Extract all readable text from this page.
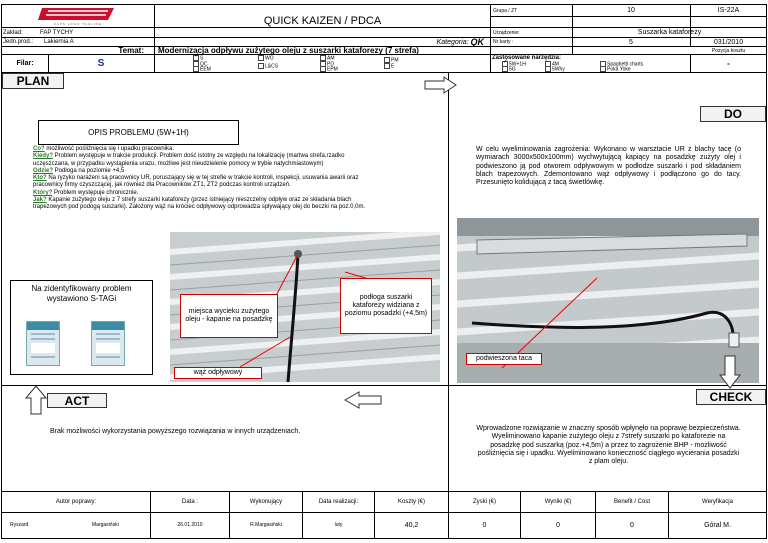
FAPS LOGO TAGLINE	QUICK KAIZEN / PDCA
Zakład:	FAP TYCHY
Jedn.prod.: Lakiernia A	Kategoria:
QK
Temat: Modernizacja odpływu zużytego oleju z suszarki kataforezy (7 strefa)
Grupa / ZT	10	IS-22A
Urządzenie:	Suszarka kataforezy
Nr karty :	5	031/2010
Pozycja kosztu
Filar:	S
✓	S
QC
EEM
WO
L&CS
AM
PD
EPM
PM
E
Zastosowane narzędzia:
✓5W+1H
5G
4M
5Why
Spaghetti charts
Poka Yoke
-
PLAN
OPIS PROBLEMU (5W+1H)
Co? możliwość pośliźnięcia się i upadku pracownika.
Kiedy? Problem występuje w trakcie produkcji. Problem dość istotny ze względu na lokalizację (martwa strefa,rzadko
uczęszczana, w przypadku wystąpienia urazu, możliwe jest nieudzielenie pomocy w trybie natychmiastowym)
Gdzie? Podłoga na poziomie +4,5
Kto? Na ryzyko narażeni są pracownicy UR, poruszający się w tej strefie w trakcie kontroli, inspekcji, usuwania awarii oraz
pracownicy firmy czyszczącej, jak również dla Pracowników ZT1, ZT2 podczas kontroli urządzeń.
Który? Problem występuje chronicznie.
Jak? Kapanie zużytego oleju z 7 strefy suszarki kataforezy (przez istniejący nieszczelny odpływ oraz ze składania blach
trapezowych pod podogą suszarki). Założony wąż na króciec odpływowy odprowadza spływający olej do beczki na poz.0,0m.
Na zidentyfikowany problem wystawiono S-TAGi
miejsca wycieku zużytego oleju - kapanie na posadzkę
podłoga suszarki kataforezy widziana z poziomu posadzki (+4,5m)
wąż odpływowy
DO
W celu wyeliminowania zagrożenia: Wykonano w warsztacie UR z blachy tacę (o wymiarach 3000x500x100mm) wychwytującą kapiący na posadzkę zużyty olej i podwieszono ją pod otworem odpływowym w podłodze suszarki i pod składaniem blach trapezowych. Zdemontowano wąż odpływowy i podłączono go do tacy. Przesunięto kolidującą z tacą świetlówkę.
podwieszona taca
CHECK
Wprowadzone rozwiązanie w znaczny sposób wpłynęło na poprawę bezpieczeństwa. Wyeliminowano kapanie zużytego oleju z 7strefy suszarki po kataforezie na posadzkę pod suszarką (poz.+4,5m) a przez to zagrożenie BHP - możliwość pośliźnięcia się i upadku. Wyeliminowano konieczność ciągłego wycierania posadzki z plam oleju.
ACT
Brak możliwości wykorzystania powyższego rozwiązania w innych urządzeniach.
Autor poprawy:	Data :	Wykonujący	Data realizacji:	Koszty (€)	Zyski (€)	Wyniki (€)	Benefit / Cost	Weryfikacja
Ryszard	Margasiński	26.01.2010	R.Margasiński	luty	40,2	0	0	0	Góral M.
